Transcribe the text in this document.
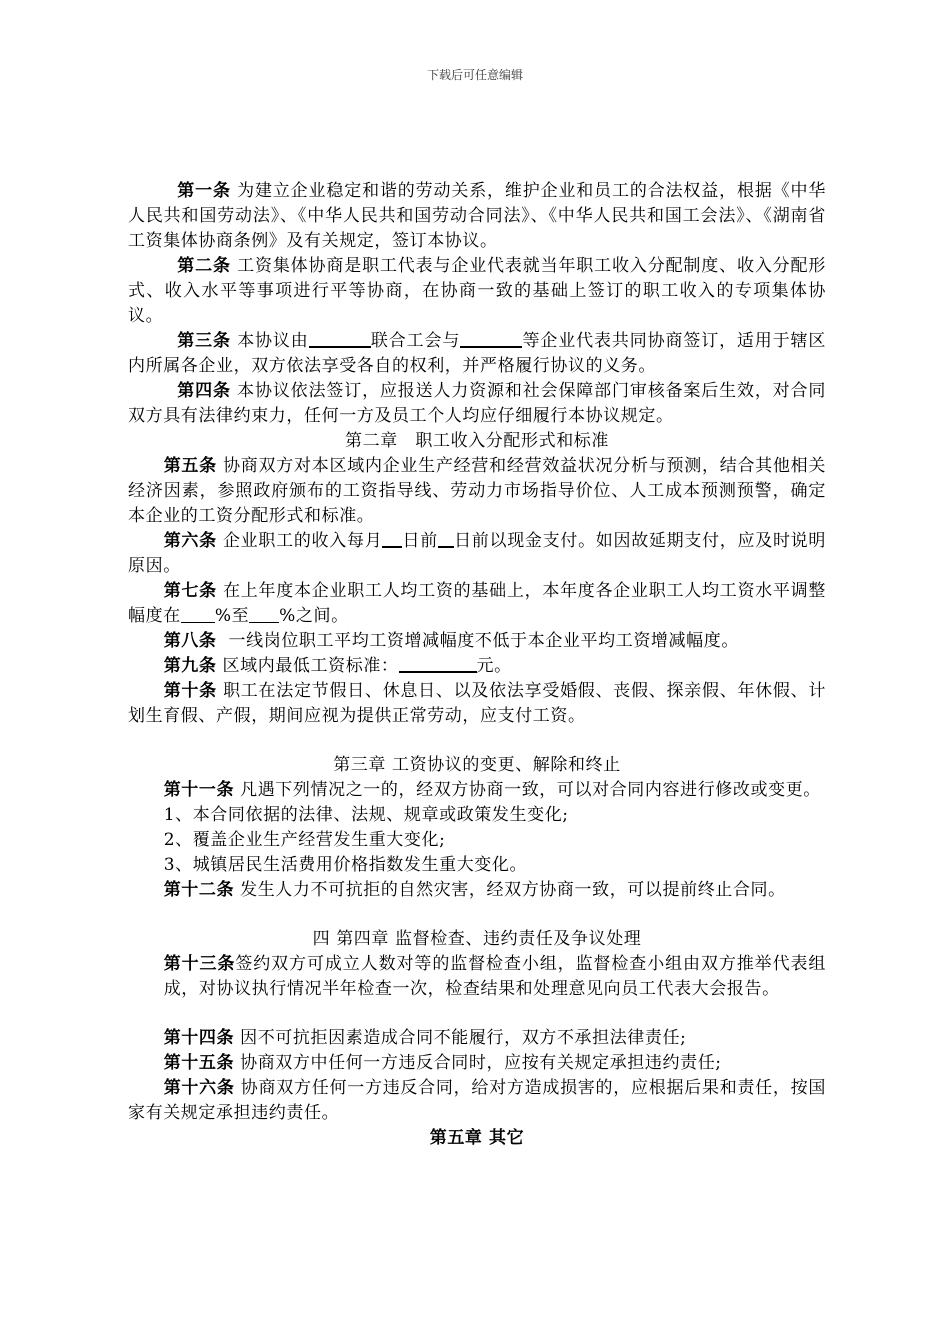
下载后可任意编辑

第一条 为建立企业稳定和谐的劳动关系，维护企业和员工的合法权益，根据《中华人民共和国劳动法》、《中华人民共和国劳动合同法》、《中华人民共和国工会法》、《湖南省工资集体协商条例》及有关规定，签订本协议。

第二条 工资集体协商是职工代表与企业代表就当年职工收入分配制度、收入分配形式、收入水平等事项进行平等协商，在协商一致的基础上签订的职工收入的专项集体协议。

第三条 本协议由	联合工会与	等企业代表共同协商签订，适用于辖区内所属各企业，双方依法享受各自的权利，并严格履行协议的义务。

第四条 本协议依法签订，应报送人力资源和社会保障部门审核备案后生效，对合同双方具有法律约束力，任何一方及员工个人均应仔细履行本协议规定。

第二章　职工收入分配形式和标准

第五条 协商双方对本区域内企业生产经营和经营效益状况分析与预测，结合其他相关经济因素，参照政府颁布的工资指导线、劳动力市场指导价位、人工成本预测预警，确定本企业的工资分配形式和标准。

第六条 企业职工的收入每月 日前 日前以现金支付。如因故延期支付，应及时说明原因。

第七条 在上年度本企业职工人均工资的基础上，本年度各企业职工人均工资水平调整幅度在 %至 %之间。

第八条 一线岗位职工平均工资增减幅度不低于本企业平均工资增减幅度。

第九条 区域内最低工资标准：	元。

第十条 职工在法定节假日、休息日、以及依法享受婚假、丧假、探亲假、年休假、计划生育假、产假，期间应视为提供正常劳动，应支付工资。

第三章 工资协议的变更、解除和终止

第十一条 凡遇下列情况之一的，经双方协商一致，可以对合同内容进行修改或变更。

1、本合同依据的法律、法规、规章或政策发生变化;

2、覆盖企业生产经营发生重大变化;

3、城镇居民生活费用价格指数发生重大变化。

第十二条 发生人力不可抗拒的自然灾害，经双方协商一致，可以提前终止合同。

四 第四章 监督检查、违约责任及争议处理

第十三条签约双方可成立人数对等的监督检查小组，监督检查小组由双方推举代表组成，对协议执行情况半年检查一次，检查结果和处理意见向员工代表大会报告。

第十四条 因不可抗拒因素造成合同不能履行，双方不承担法律责任;

第十五条 协商双方中任何一方违反合同时，应按有关规定承担违约责任;

第十六条 协商双方任何一方违反合同，给对方造成损害的，应根据后果和责任，按国家有关规定承担违约责任。

第五章 其它
